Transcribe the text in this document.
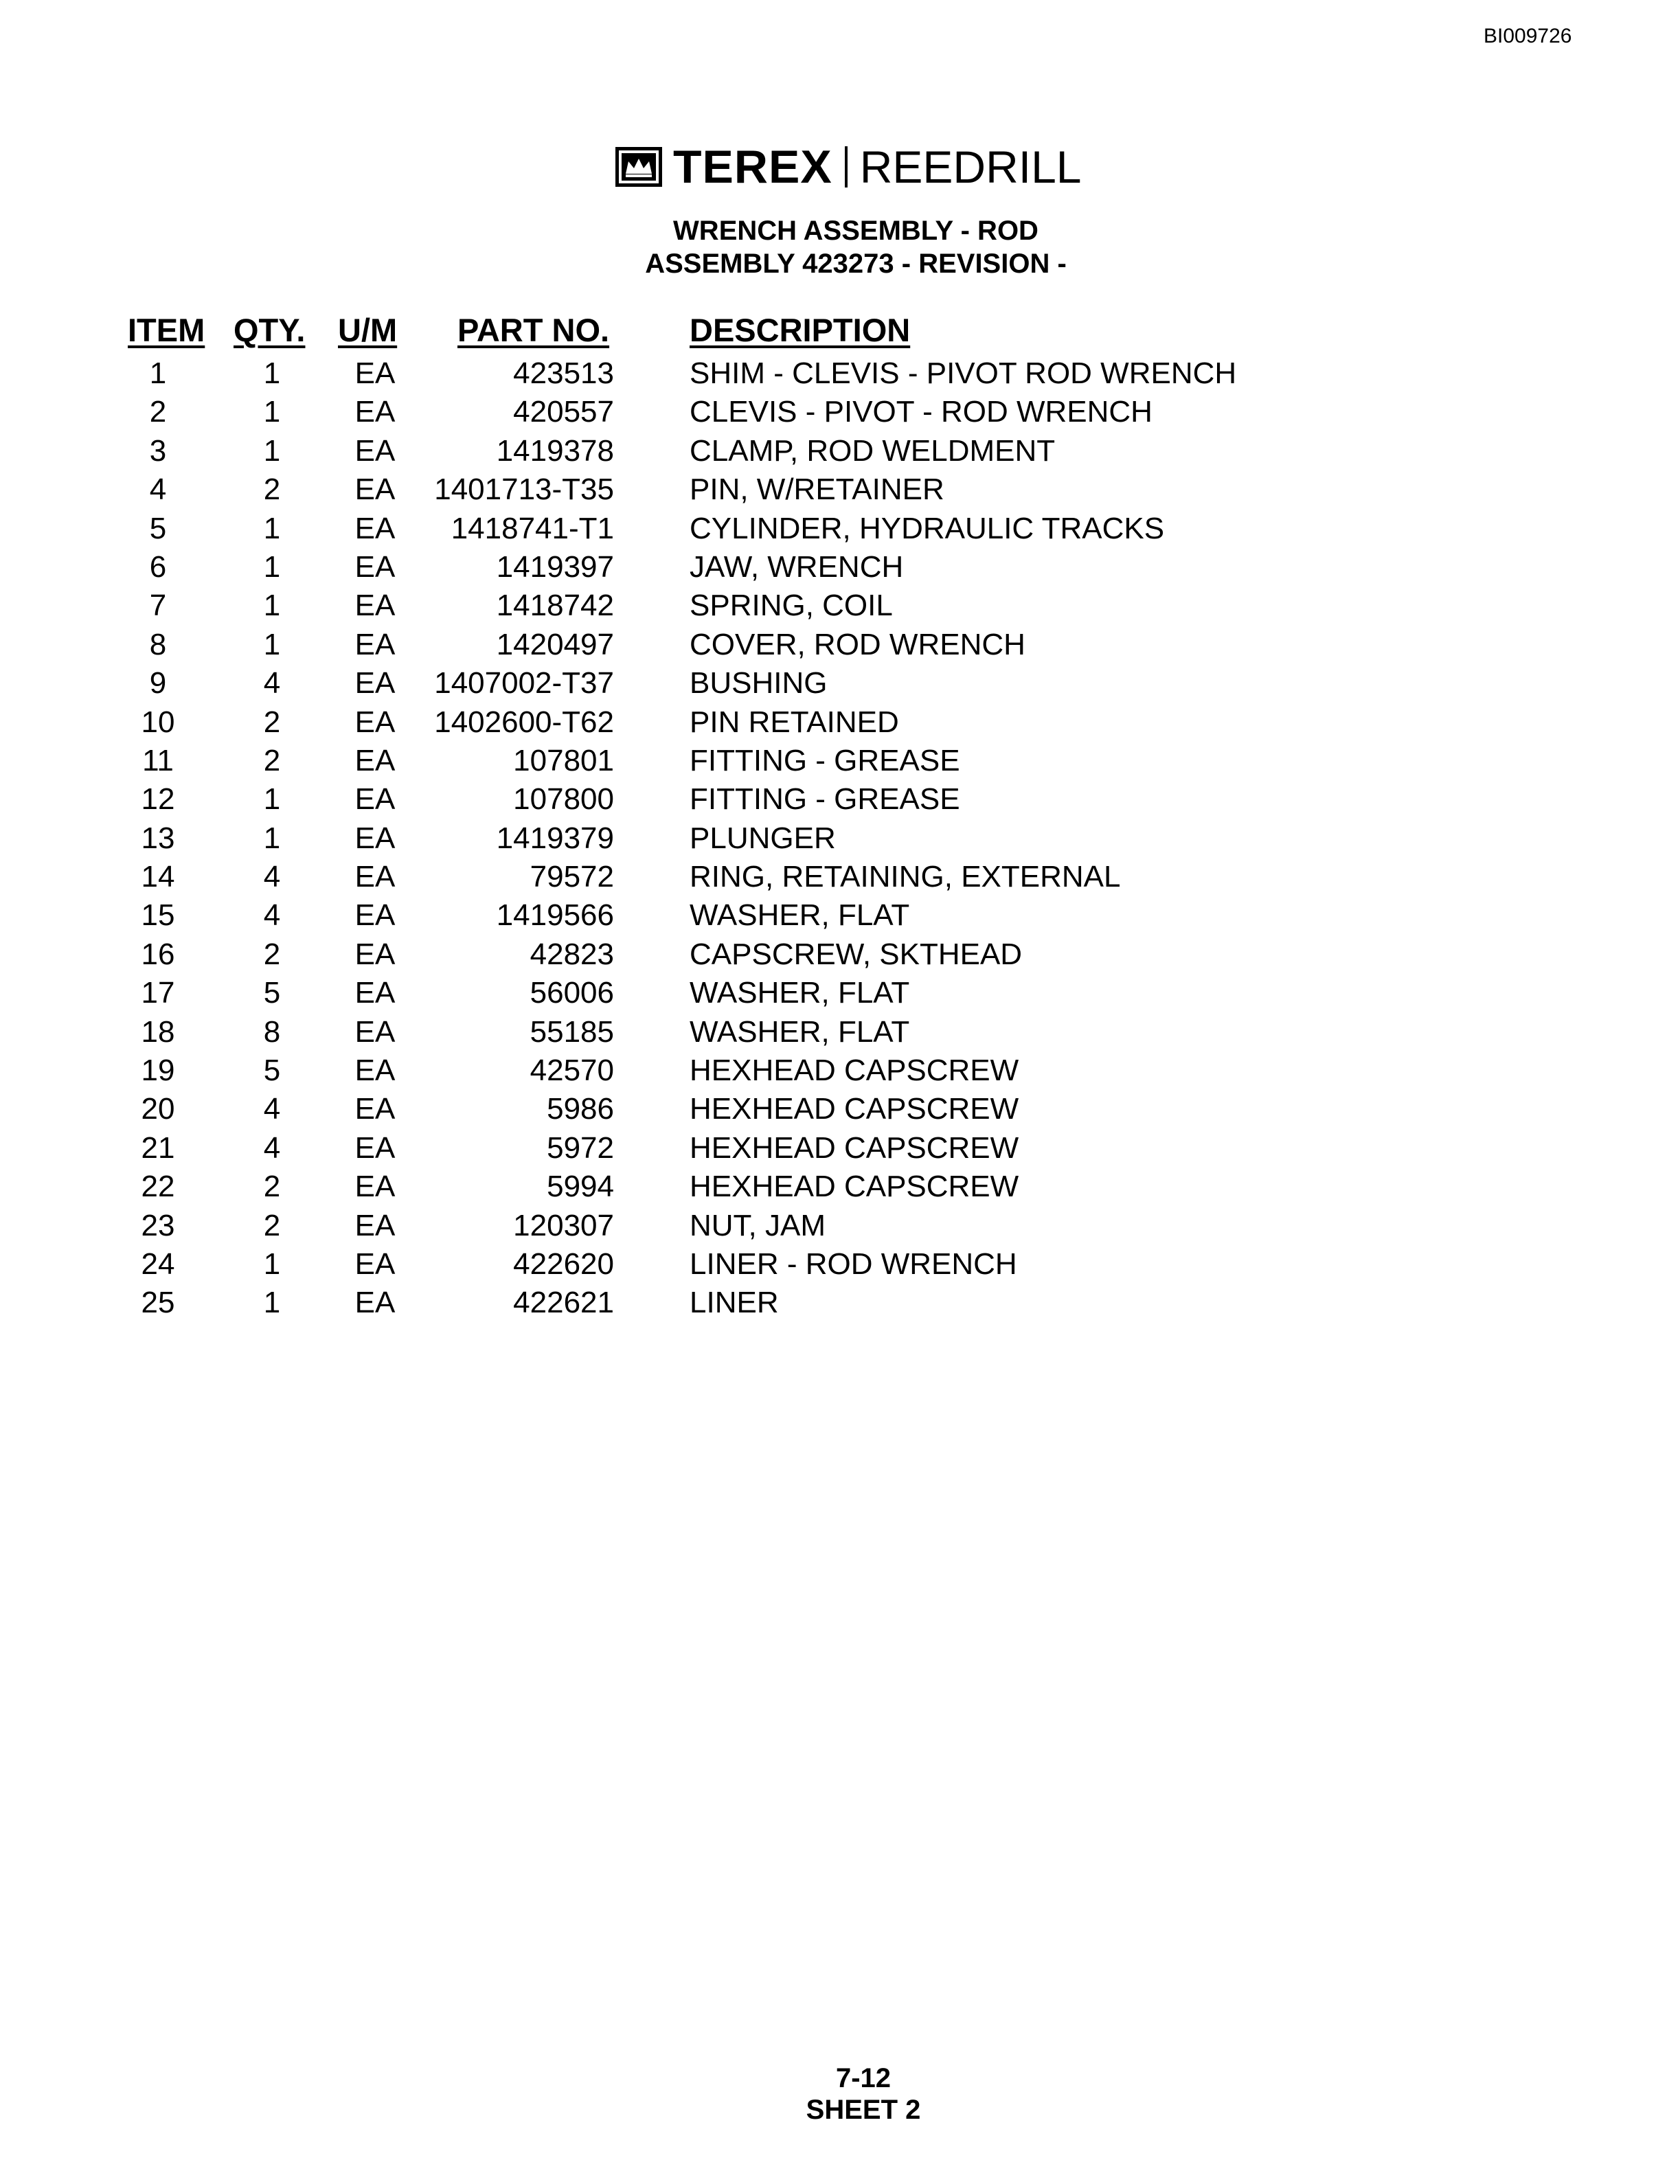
BI009726
TEREX REEDRILL
WRENCH ASSEMBLY - ROD
ASSEMBLY 423273 - REVISION -
ITEM QTY. U/M PART NO. DESCRIPTION
1	1	EA	423513	SHIM - CLEVIS - PIVOT ROD WRENCH
2	1	EA	420557	CLEVIS - PIVOT - ROD WRENCH
3	1	EA	1419378	CLAMP, ROD WELDMENT
4	2	EA	1401713-T35	PIN, W/RETAINER
5	1	EA	1418741-T1	CYLINDER, HYDRAULIC TRACKS
6	1	EA	1419397	JAW, WRENCH
7	1	EA	1418742	SPRING, COIL
8	1	EA	1420497	COVER, ROD WRENCH
9	4	EA	1407002-T37	BUSHING
10	2	EA	1402600-T62	PIN RETAINED
11	2	EA	107801	FITTING - GREASE
12	1	EA	107800	FITTING - GREASE
13	1	EA	1419379	PLUNGER
14	4	EA	79572	RING, RETAINING, EXTERNAL
15	4	EA	1419566	WASHER, FLAT
16	2	EA	42823	CAPSCREW, SKTHEAD
17	5	EA	56006	WASHER, FLAT
18	8	EA	55185	WASHER, FLAT
19	5	EA	42570	HEXHEAD CAPSCREW
20	4	EA	5986	HEXHEAD CAPSCREW
21	4	EA	5972	HEXHEAD CAPSCREW
22	2	EA	5994	HEXHEAD CAPSCREW
23	2	EA	120307	NUT, JAM
24	1	EA	422620	LINER - ROD WRENCH
25	1	EA	422621	LINER
7-12
SHEET 2
